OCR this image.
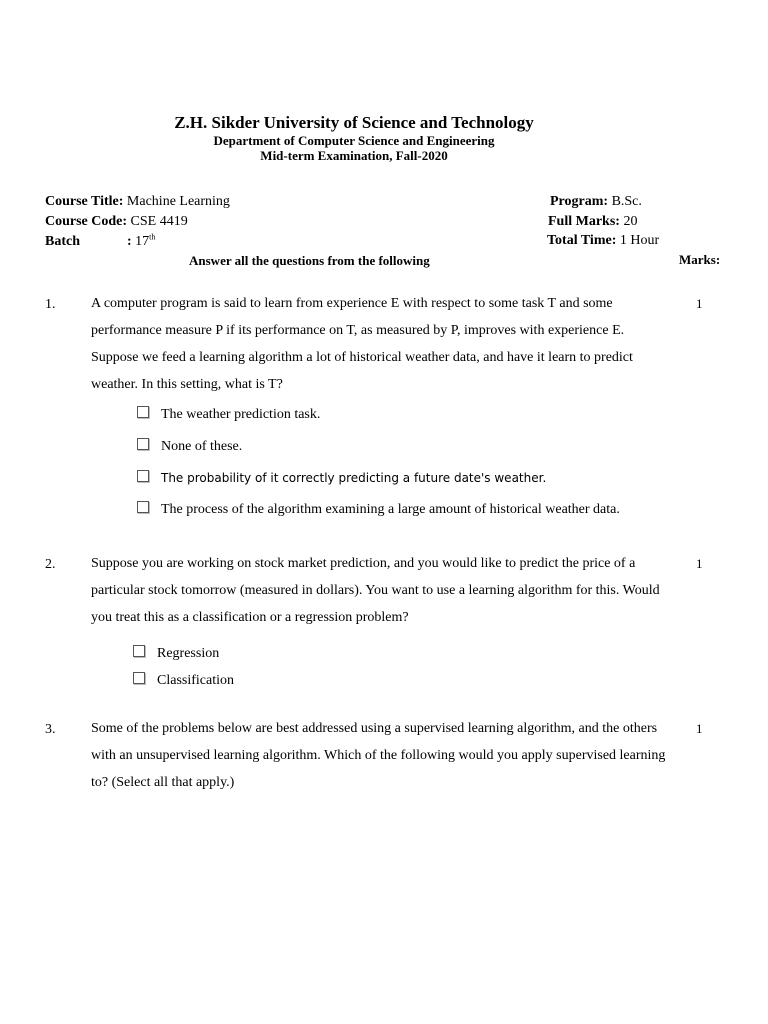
Z.H. Sikder University of Science and Technology
Department of Computer Science and Engineering
Mid-term Examination, Fall-2020
Course Title: Machine Learning
Course Code: CSE 4419
Batch	: 17th
Program: B.Sc.
Full Marks: 20
Total Time: 1 Hour
Answer all the questions from the following	Marks:
1.	A computer program is said to learn from experience E with respect to some task T and some performance measure P if its performance on T, as measured by P, improves with experience E. Suppose we feed a learning algorithm a lot of historical weather data, and have it learn to predict weather. In this setting, what is T?
1
The weather prediction task.
None of these.
The probability of it correctly predicting a future date's weather.
The process of the algorithm examining a large amount of historical weather data.
2.	Suppose you are working on stock market prediction, and you would like to predict the price of a particular stock tomorrow (measured in dollars). You want to use a learning algorithm for this. Would you treat this as a classification or a regression problem?
1
Regression
Classification
3.	Some of the problems below are best addressed using a supervised learning algorithm, and the others with an unsupervised learning algorithm. Which of the following would you apply supervised learning to? (Select all that apply.)
1
